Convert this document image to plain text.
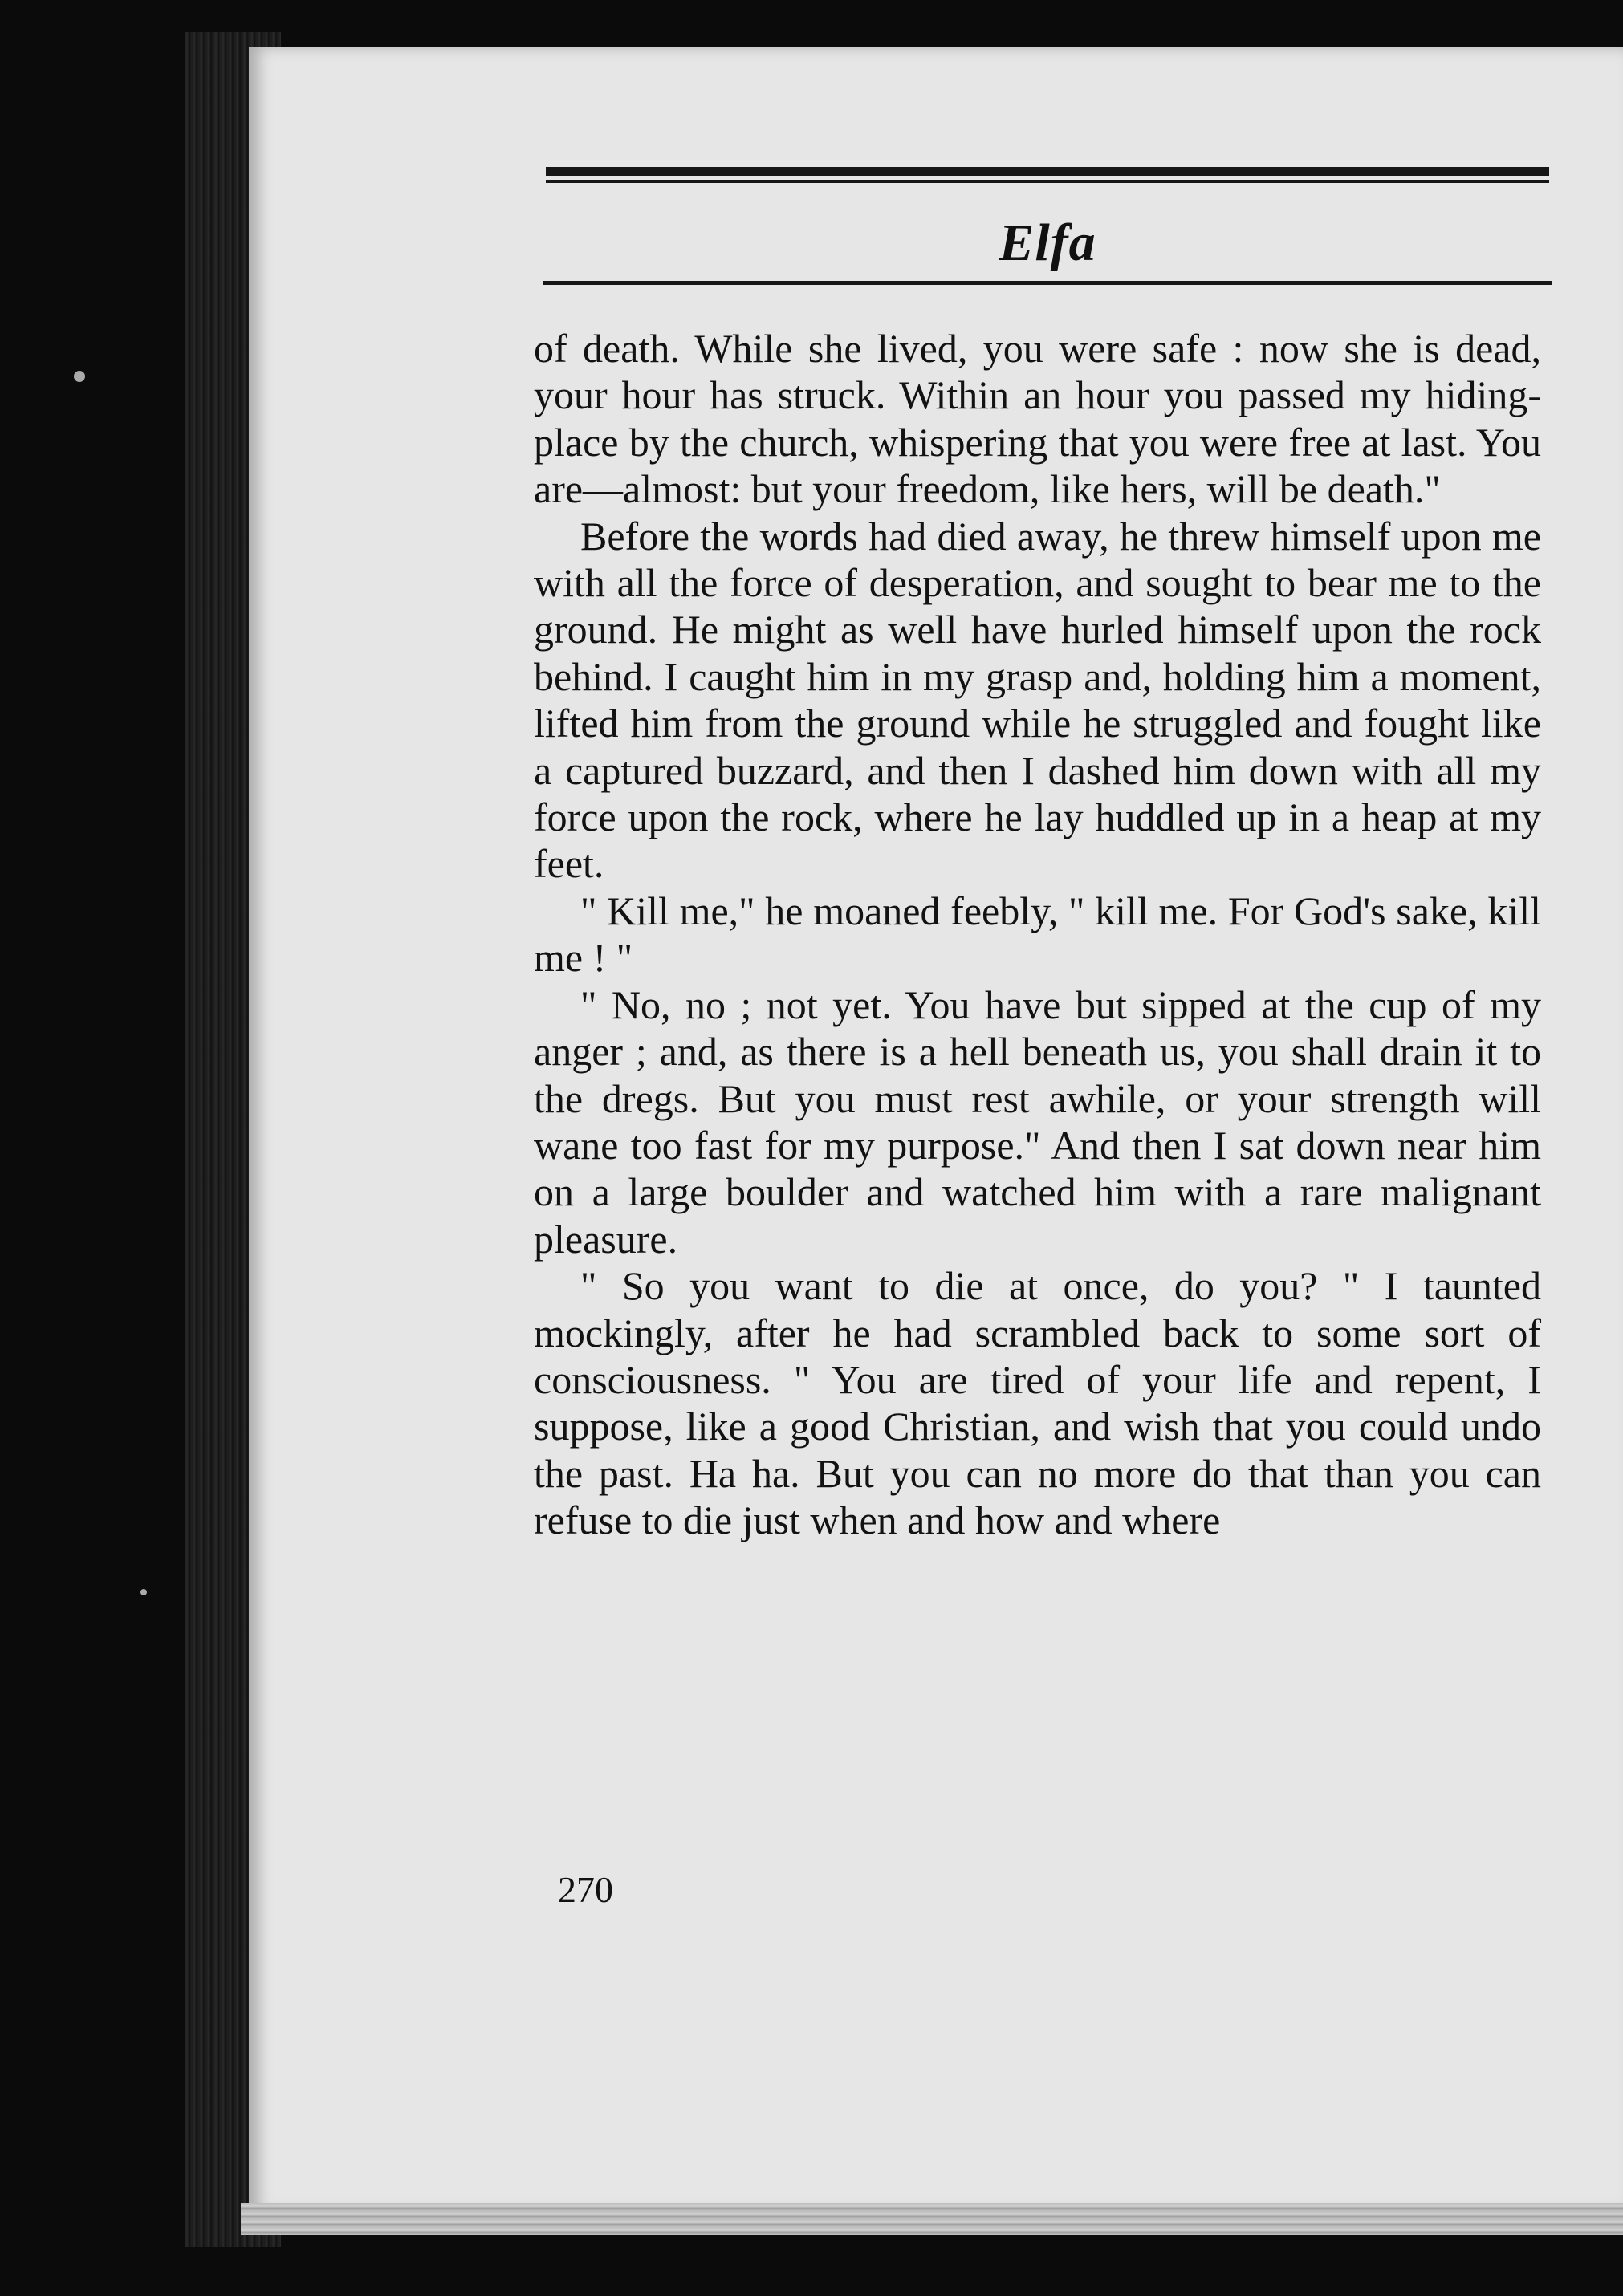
Elfa

of death. While she lived, you were safe : now she is dead, your hour has struck. Within an hour you passed my hiding-place by the church, whispering that you were free at last. You are—almost: but your freedom, like hers, will be death."

Before the words had died away, he threw himself upon me with all the force of desperation, and sought to bear me to the ground. He might as well have hurled himself upon the rock behind. I caught him in my grasp and, holding him a moment, lifted him from the ground while he struggled and fought like a captured buzzard, and then I dashed him down with all my force upon the rock, where he lay huddled up in a heap at my feet.

" Kill me," he moaned feebly, " kill me. For God's sake, kill me ! "

" No, no ; not yet. You have but sipped at the cup of my anger ; and, as there is a hell beneath us, you shall drain it to the dregs. But you must rest awhile, or your strength will wane too fast for my purpose." And then I sat down near him on a large boulder and watched him with a rare malignant pleasure.

" So you want to die at once, do you? " I taunted mockingly, after he had scrambled back to some sort of consciousness. " You are tired of your life and repent, I suppose, like a good Christian, and wish that you could undo the past. Ha ha. But you can no more do that than you can refuse to die just when and how and where

270
